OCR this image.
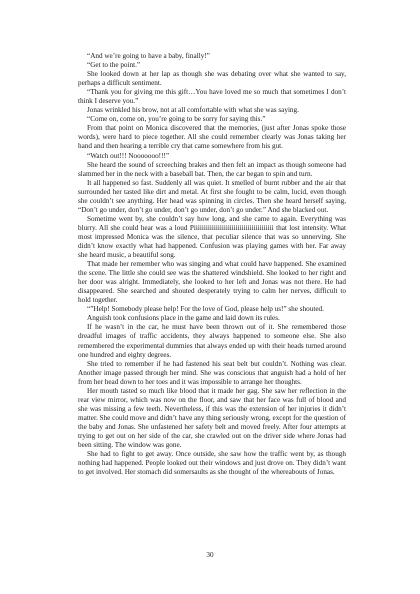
“And we’re going to have a baby, finally!”

“Get to the point.”

She looked down at her lap as though she was debating over what she wanted to say, perhaps a difficult sentiment.

“Thank you for giving me this gift…You have loved me so much that sometimes I don’t think I deserve you.”

Jonas wrinkled his brow, not at all comfortable with what she was saying.

“Come on, come on, you’re going to be sorry for saying this.”

From that point on Monica discovered that the memories, (just after Jonas spoke those words), were hard to piece together. All she could remember clearly was Jonas taking her hand and then hearing a terrible cry that came somewhere from his gut.

“Watch out!!! Nooooooo!!!”

She heard the sound of screeching brakes and then felt an impact as though someone had slammed her in the neck with a baseball bat. Then, the car began to spin and turn.

It all happened so fast. Suddenly all was quiet. It smelled of burnt rubber and the air that surrounded her tasted like dirt and metal. At first she fought to be calm, lucid, even though she couldn’t see anything. Her head was spinning in circles. Then she heard herself saying, “Don’t go under, don’t go under, don’t go under, don’t go under.” And she blacked out.

Sometime went by, she couldn’t say how long, and she came to again. Everything was blurry. All she could hear was a loud Piiiiiiiiiiiiiiiiiiiiiiiiiiiiiiiiiiiiiiii that lost intensity. What most impressed Monica was the silence, that peculiar silence that was so unnerving. She didn’t know exactly what had happened. Confusion was playing games with her. Far away she heard music, a beautiful song.

That made her remember who was singing and what could have happened. She examined the scene. The little she could see was the shattered windshield. She looked to her right and her door was alright. Immediately, she looked to her left and Jonas was not there. He had disappeared. She searched and shouted desperately trying to calm her nerves, difficult to hold together.

“”Help! Somebody please help! For the love of God, please help us!” she shouted.

Anguish took confusions place in the game and laid down its rules.

If he wasn’t in the car, he must have been thrown out of it. She remembered those dreadful images of traffic accidents, they always happened to someone else. She also remembered the experimental dummies that always ended up with their heads turned around one hundred and eighty degrees.

She tried to remember if he had fastened his seat belt but couldn’t. Nothing was clear. Another image passed through her mind. She was conscious that anguish had a hold of her from her head down to her toes and it was impossible to arrange her thoughts.

Her mouth tasted so much like blood that it made her gag. She saw her reflection in the rear view mirror, which was now on the floor, and saw that her face was full of blood and she was missing a few teeth. Nevertheless, if this was the extension of her injuries it didn’t matter. She could move and didn’t have any thing seriously wrong, except for the question of the baby and Jonas. She unfastened her safety belt and moved freely. After four attempts at trying to get out on her side of the car, she crawled out on the driver side where Jonas had been sitting. The window was gone.

She had to fight to get away. Once outside, she saw how the traffic went by, as though nothing had happened. People looked out their windows and just drove on. They didn’t want to get involved. Her stomach did somersaults as she thought of the whereabouts of Jonas.

30
